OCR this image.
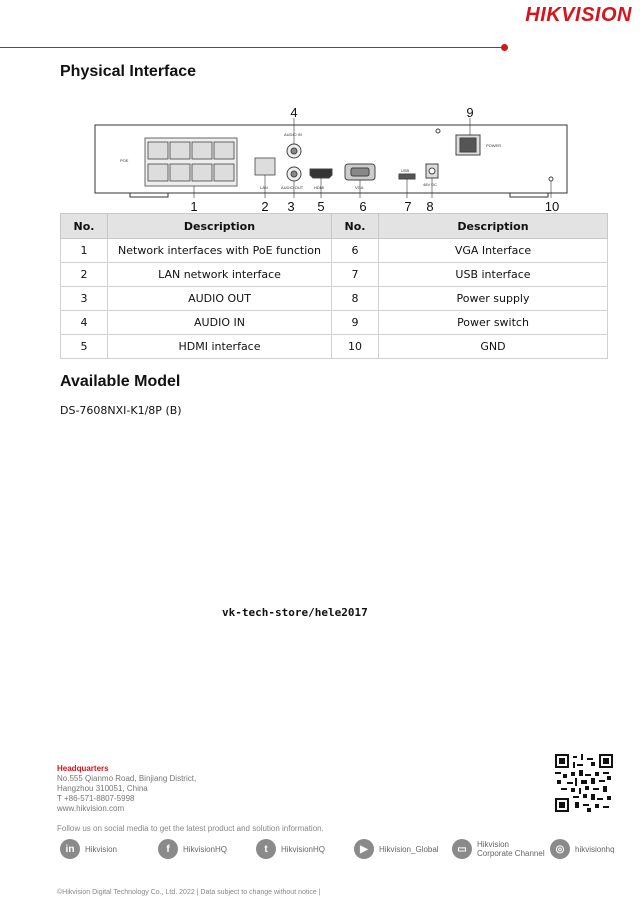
HIKVISION
Physical Interface
POE
LAN
AUDIO IN
AUDIO OUT	HDMI	VGA
USB
48V DC
POWER
1	2 3
4
5	6	7 8
9
10
No.	Description	No.	Description
1	Network interfaces with PoE function	6	VGA Interface
2	LAN network interface	7	USB interface
3	AUDIO OUT	8	Power supply
4	AUDIO IN	9	Power switch
5	HDMI interface	10	GND
Available Model
DS-7608NXI-K1/8P (B)
vk-tech-store/hele2017
Headquarters
No.555 Qianmo Road, Binjiang District,
Hangzhou 310051, China
T +86-571-8807-5998
www.hikvision.com
Follow us on social media to get the latest product and solution information.
in	Hikvision	f	HikvisionHQ	t	HikvisionHQ	▶	Hikvision_Global	▭	Hikvision
Corporate Channel	◎	hikvisionhq
©Hikvision Digital Technology Co., Ltd. 2022 | Data subject to change without notice |
